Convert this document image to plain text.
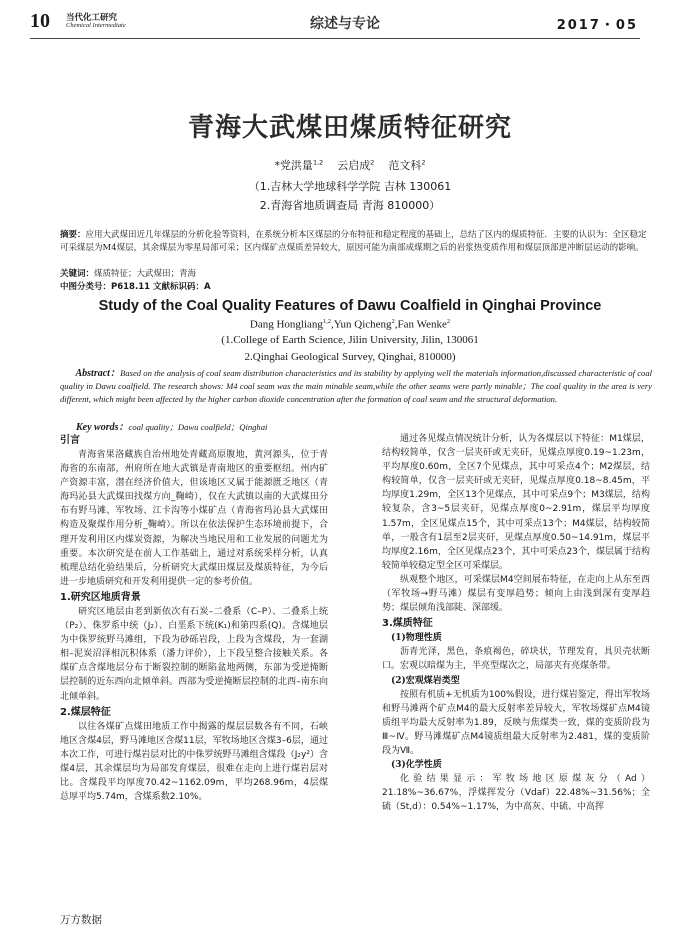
10 当代化工研究
Chemical Intermediate	综述与专论	2017・05
青海大武煤田煤质特征研究
*党洪量$^{1,2}$ 云启成$^2$ 范文科$^2$
（1.吉林大学地球科学学院 吉林 130061
2.青海省地质调查局 青海 810000）
摘要：应用大武煤田近几年煤层的分析化验等资料，在系统分析本区煤层的分布特征和稳定程度的基础上，总结了区内的煤质特征．主要的认识为：全区稳定可采煤层为M4煤层，其余煤层为零星局部可采；区内煤矿点煤质差异较大，原因可能为南部成煤期之后的岩浆热变质作用和煤层顶部逆冲断层运动的影响。
关键词：煤质特征；大武煤田；青海
中图分类号：P618.11 文献标识码：A
Study of the Coal Quality Features of Dawu Coalfield in Qinghai Province
Dang Hongliang$^{1,2}$,Yun Qicheng$^2$,Fan Wenke$^2$
(1.College of Earth Science, Jilin University, Jilin, 130061
2.Qinghai Geological Survey, Qinghai, 810000)
Abstract：Based on the analysis of coal seam distribution characteristics and its stability by applying well the materials information,discussed characteristic of coal quality in Dawu coalfield. The research shows: M4 coal seam was the main minable seam,while the other seams were partly minable；The coal quality in the area is very different, which might been affected by the higher carbon dioxide concentration after the formation of coal seam and the structural deformation.
Key words：coal quality；Dawu coalfield；Qinghai
引言

青海省果洛藏族自治州地处青藏高原腹地，黄河源头，位于青海省的东南部，州府所在地大武镇是青南地区的重要枢纽。州内矿产资源丰富，潜在经济价值大，但该地区又属于能源匮乏地区（青海玛沁县大武煤田找煤方向_鞠崎），仅在大武镇以南的大武煤田分布有野马滩、军牧场、江卡沟等小煤矿点（青海省玛沁县大武煤田构造及聚煤作用分析_鞠崎）。所以在依法保护生态环境前提下，合理开发利用区内煤炭资源，为解决当地民用和工业发展的问题尤为重要。本次研究是在前人工作基础上，通过对系统采样分析，认真梳理总结化验结果后，分析研究大武煤田煤层及煤质特征，为今后进一步地质研究和开发利用提供一定的参考价值。

1.研究区地质背景

研究区地层由老到新依次有石炭–二叠系（C–P）、二叠系上统（P₂）、侏罗系中统（J₂）、白垩系下统(K₁)和第四系(Q)。含煤地层为中侏罗统野马滩组，下段为砂砾岩段，上段为含煤段，为一套湖相–泥炭沼泽相沉积体系（潘力评价），上下段呈整合接触关系。各煤矿点含煤地层分布于断裂控制的断陷盆地两侧，东部为受逆掩断层控制的近东西向北倾单斜。西部为受逆掩断层控制的北西–南东向北倾单斜。

2.煤层特征

以往各煤矿点煤田地质工作中揭露的煤层层数各有不同，石峡地区含煤4层，野马滩地区含煤11层，军牧场地区含煤3–6层，通过本次工作，可进行煤岩层对比的中侏罗统野马滩组含煤段（J₂y²）含煤4层，其余煤层均为局部发育煤层，很难在走向上进行煤岩层对比。含煤段平均厚度70.42~1162.09m，平均268.96m，4层煤总厚平均5.74m，含煤系数2.10%。

通过各见煤点情况统计分析，认为各煤层以下特征：M1煤层，结构较简单，仅含一层夹矸或无夹矸，见煤点厚度0.19~1.23m，平均厚度0.60m，全区7个见煤点，其中可采点4个；M2煤层，结构较简单，仅含一层夹矸或无夹矸，见煤点厚度0.18~8.45m，平均厚度1.29m，全区13个见煤点，其中可采点9个；M3煤层，结构较复杂，含3~5层夹矸，见煤点厚度0~2.91m，煤层平均厚度1.57m，全区见煤点15个，其中可采点13个；M4煤层，结构较简单，一般含有1层至2层夹矸，见煤点厚度0.50~14.91m，煤层平均厚度2.16m，全区见煤点23个，其中可采点23个，煤层属于结构较简单较稳定型全区可采煤层。

纵观整个地区，可采煤层M4空间展布特征，在走向上从东至西（军牧场→野马滩）煤层有变厚趋势；倾向上由浅到深有变厚趋势；煤层倾角浅部陡、深部缓。

3.煤质特征
(1)物理性质

沥青光泽，黑色，条痕褐色，碎块状，节理发育，具贝壳状断口。宏观以暗煤为主，半亮型煤次之，局部夹有亮煤条带。

(2)宏观煤岩类型

按照有机质+无机质为100%假设，进行煤岩鉴定，得出军牧场和野马滩两个矿点M4的最大反射率差异较大，军牧场煤矿点M4镜质组平均最大反射率为1.89，反映与焦煤类一致，煤的变质阶段为Ⅲ~Ⅳ。野马滩煤矿点M4镜质组最大反射率为2.481，煤的变质阶段为Ⅶ。

(3)化学性质

化验结果显示：军牧场地区原煤灰分（Ad）21.18%~36.67%，浮煤挥发分（Vdaf）22.48%~31.56%；全硫（St,d）：0.54%~1.17%，为中高灰、中硫、中高挥

万方数据
